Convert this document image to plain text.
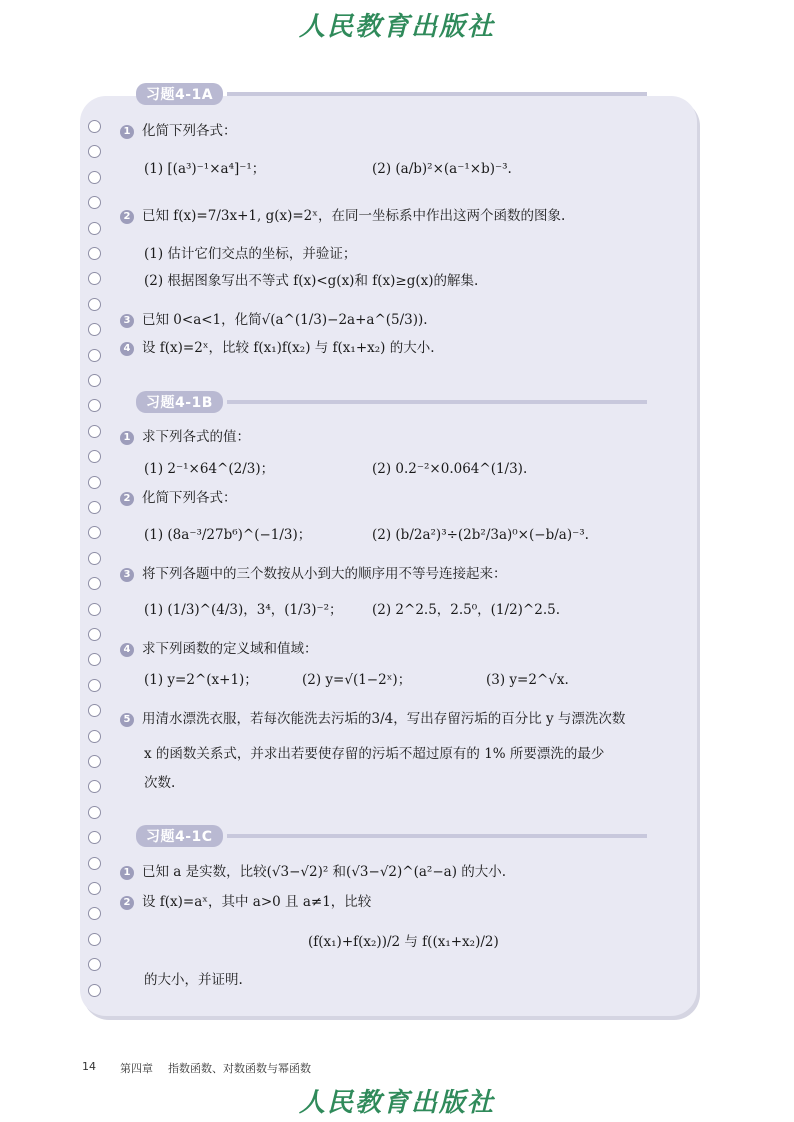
人民教育出版社
习题4-1A
1 化简下列各式：
(1) [(a³)⁻¹×a⁴]⁻¹；	(2) (a/b)²×(a⁻¹×b)⁻³.
2 已知 f(x)=7/3x+1, g(x)=2ˣ，在同一坐标系中作出这两个函数的图象.
(1) 估计它们交点的坐标，并验证；
(2) 根据图象写出不等式 f(x)<g(x)和 f(x)≥g(x)的解集.
3 已知 0<a<1，化简√(a^(1/3)−2a+a^(5/3)).
4 设 f(x)=2ˣ，比较 f(x₁)f(x₂) 与 f(x₁+x₂) 的大小.
习题4-1B
1 求下列各式的值：
(1) 2⁻¹×64^(2/3)；	(2) 0.2⁻²×0.064^(1/3).
2 化简下列各式：
(1) (8a⁻³/27b⁶)^(−1/3)；	(2) (b/2a²)³÷(2b²/3a)⁰×(−b/a)⁻³.
3 将下列各题中的三个数按从小到大的顺序用不等号连接起来：
(1) (1/3)^(4/3)，3⁴，(1/3)⁻²； (2) 2^2.5，2.5⁰，(1/2)^2.5.
4 求下列函数的定义域和值域：
(1) y=2^(x+1)；	(2) y=√(1−2ˣ)；	(3) y=2^√x.
5 用清水漂洗衣服，若每次能洗去污垢的3/4，写出存留污垢的百分比 y 与漂洗次数
x 的函数关系式，并求出若要使存留的污垢不超过原有的 1% 所要漂洗的最少
次数.
习题4-1C
1 已知 a 是实数，比较(√3−√2)² 和(√3−√2)^(a²−a) 的大小.
2 设 f(x)=aˣ，其中 a>0 且 a≠1，比较
(f(x₁)+f(x₂))/2 与 f((x₁+x₂)/2)
的大小，并证明.
14 第四章 指数函数、对数函数与幂函数
人民教育出版社
